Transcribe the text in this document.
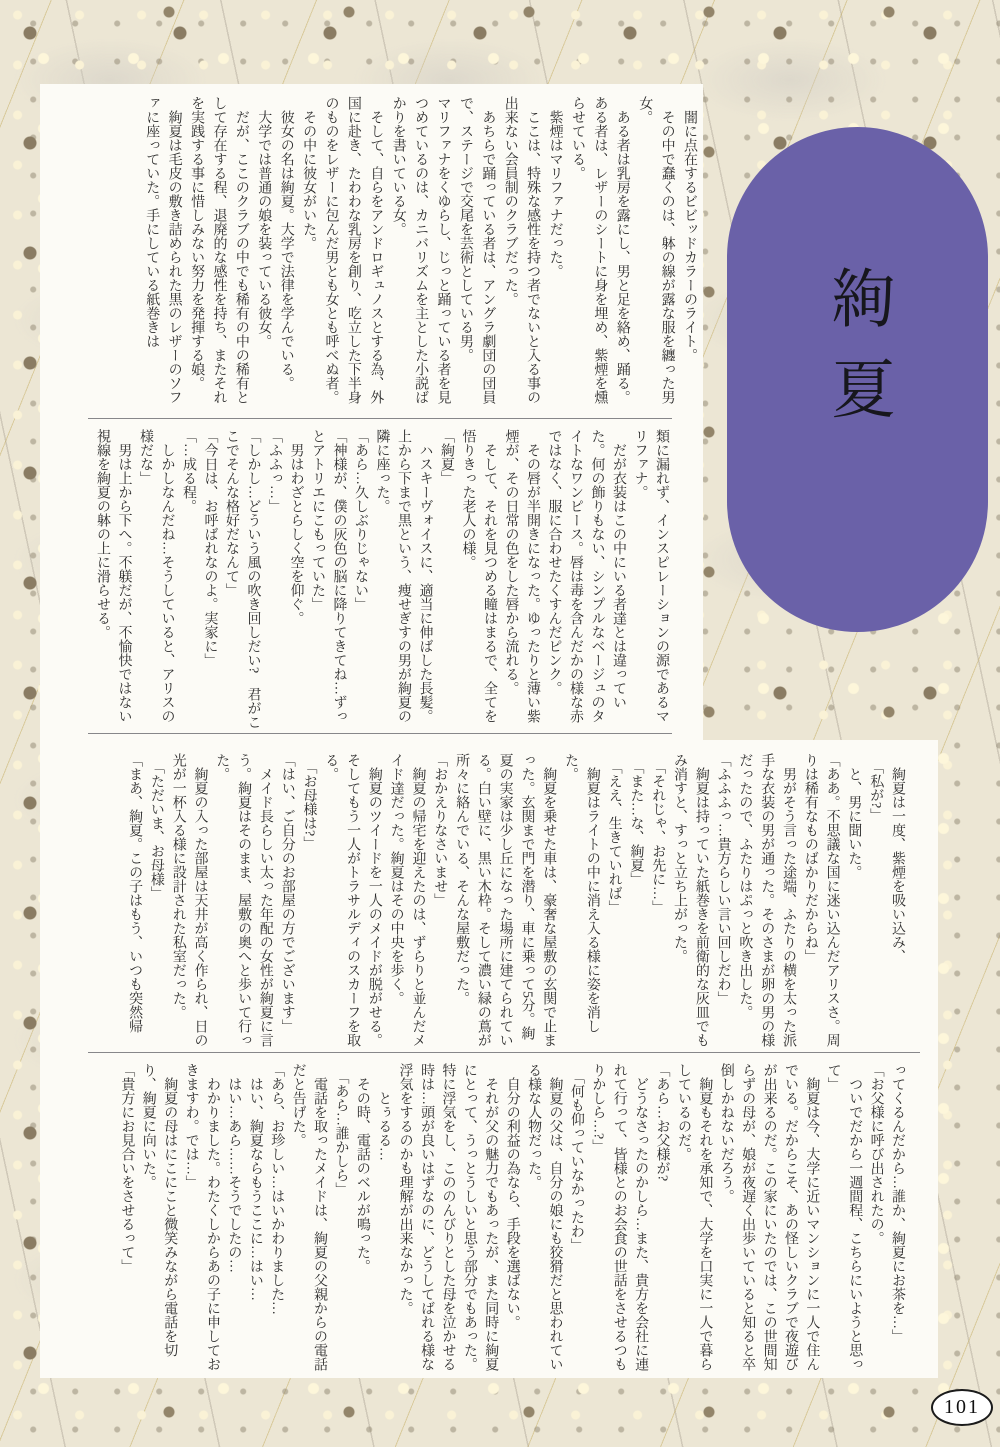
絢夏

　闇に点在するビビッドカラーのライト。

　その中で蠢くのは、躰の線が露な服を纏った男女。

　ある者は乳房を露にし、男と足を絡め、踊る。ある者は、レザーのシートに身を埋め、紫煙を燻らせている。

　紫煙はマリファナだった。

　ここは、特殊な感性を持つ者でないと入る事の出来ない会員制のクラブだった。

　あちらで踊っている者は、アングラ劇団の団員で、ステージで交尾を芸術としている男。

マリファナをくゆらし、じっと踊っている者を見つめているのは、カニバリズムを主とした小説ばかりを書いている女。

　そして、自らをアンドロギュノスとする為、外国に赴き、たわわな乳房を創り、吃立した下半身のものをレザーに包んだ男とも女とも呼べぬ者。

　その中に彼女がいた。

　彼女の名は絢夏。大学で法律を学んでいる。

　大学では普通の娘を装っている彼女。

　だが、ここのクラブの中でも稀有の中の稀有として存在する程、退廃的な感性を持ち、またそれを実践する事に惜しみない努力を発揮する娘。

　絢夏は毛皮の敷き詰められた黒のレザーのソファに座っていた。手にしている紙巻きは

類に漏れず、インスピレーションの源であるマリファナ。

　だが衣装はこの中にいる者達とは違っていた。何の飾りもない、シンプルなベージュのタイトなワンピース。唇は毒を含んだかの様な赤ではなく、服に合わせたくすんだピンク。

　その唇が半開きになった。ゆったりと薄い紫煙が、その日常の色をした唇から流れる。

　そして、それを見つめる瞳はまるで、全てを悟りきった老人の様。

「絢夏」

　ハスキーヴォイスに、適当に伸ばした長髪。上から下まで黒という、痩せぎすの男が絢夏の隣に座った。

「あら…久しぶりじゃない」

「神様が、僕の灰色の脳に降りてきてね…ずっとアトリエにこもっていた」

　男はわざとらしく空を仰ぐ。

「ふふっ…」

「しかし…どういう風の吹き回しだい?　君がここでそんな格好だなんて」

「今日は、お呼ばれなのよ。実家に」

「…成る程。

　しかしなんだね…そうしていると、アリスの様だな」

　男は上から下へ。不躾だが、不愉快ではない視線を絢夏の躰の上に滑らせる。

　絢夏は一度、紫煙を吸い込み、

　「私が?」

　と、男に聞いた。

「ああ。不思議な国に迷い込んだアリスさ。周りは稀有なものばかりだからね」

　男がそう言った途端、ふたりの横を太った派手な衣装の男が通った。そのさまが卵の男の様だったので、ふたりはぷっと吹き出した。

「ふふふっ…貴方らしい言い回しだわ」

　絢夏は持っていた紙巻きを前衛的な灰皿でもみ消すと、すっと立ち上がった。

　「それじゃ、お先に…」

　「また…な、絢夏」

　「ええ、生きていれば」

　絢夏はライトの中に消え入る様に姿を消した。

　絢夏を乗せた車は、豪奢な屋敷の玄関で止まった。玄関まで門を潜り、車に乗って5分。絢夏の実家は少し丘になった場所に建てられている。白い壁に、黒い木枠。そして濃い緑の蔦が所々に絡んでいる、そんな屋敷だった。

「おかえりなさいませ」

　絢夏の帰宅を迎えたのは、ずらりと並んだメイド達だった。絢夏はその中央を歩く。

　絢夏のツイードを一人のメイドが脱がせる。そしてもう一人がトラサルディのスカーフを取る。

　「お母様は?」

「はい、ご自分のお部屋の方でございます」

　メイド長らしい太った年配の女性が絢夏に言う。絢夏はそのまま、屋敷の奥へと歩いて行った。

　絢夏の入った部屋は天井が高く作られ、日の光が一杯入る様に設計された私室だった。

　「ただいま、お母様」

「まあ、絢夏。この子はもう、いつも突然帰

ってくるんだから…誰か、絢夏にお茶を…」

「お父様に呼び出されたの。

　ついでだから一週間程、こちらにいようと思って」

　絢夏は今、大学に近いマンションに一人で住んでいる。だからこそ、あの怪しいクラブで夜遊びが出来るのだ。この家にいたのでは、この世間知らずの母が、娘が夜遅く出歩いていると知ると卒倒しかねないだろう。

　絢夏もそれを承知で、大学を口実に一人で暮らしているのだ。

「あら…お父様が?

　どうなさったのかしら…また、貴方を会社に連れて行って、皆様とのお会食の世話をさせるつもりかしら…?」

　「何も仰っていなかったわ」

　絢夏の父は、自分の娘にも狡猾だと思われている様な人物だった。

　自分の利益の為なら、手段を選ばない。

　それが父の魅力でもあったが、また同時に絢夏にとって、うっとうしいと思う部分でもあった。特に浮気をし、こののんびりとした母を泣かせる時は…頭が良いはずなのに、どうしてばれる様な浮気をするのかも理解が出来なかった。

　　とぅるる…

　その時、電話のベルが鳴った。

　「あら…誰かしら」

　電話を取ったメイドは、絢夏の父親からの電話だと告げた。

「あら、お珍しい…はいかわりました…

　はい、絢夏ならもうここに…はい…

　はい…あら……そうでしたの…

　わかりました。わたくしからあの子に申しておきますわ。では…」

　絢夏の母はにこにこと微笑みながら電話を切り、絢夏に向いた。

「貴方にお見合いをさせるって」

101
